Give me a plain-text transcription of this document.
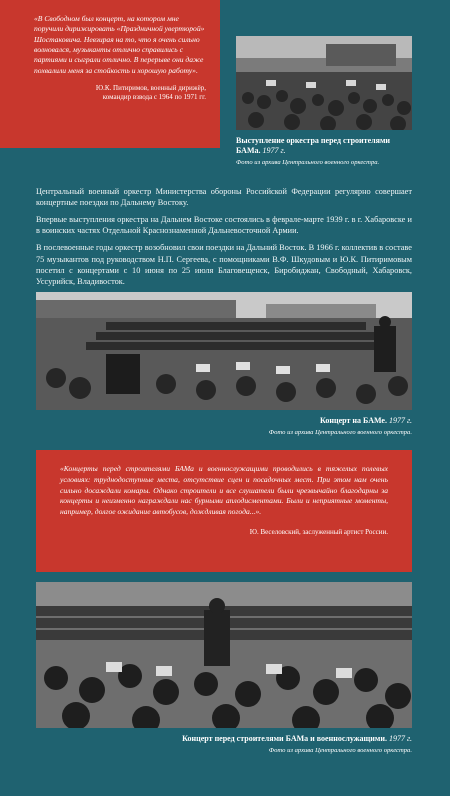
«В Свободном был концерт, на котором мне поручили дирижировать «Праздничной увертюрой» Шостаковича. Невзирая на то, что я очень сильно волновался, музыканты отлично справились с партиями и сыграли отлично. В перерыве они даже похвалили меня за стойкость и хорошую работу».
Ю.К. Питиримов, военный дирижёр,
командир взвода с 1964 по 1971 гг.
Выступление оркестра перед строителями БАМа. 1977 г.
Фото из архива Центрального военного оркестра.

Центральный военный оркестр Министерства обороны Российской Федерации регулярно совершает концертные поездки по Дальнему Востоку.

Впервые выступления оркестра на Дальнем Востоке состоялись в феврале-марте 1939 г. в г. Хабаровске и в воинских частях Отдельной Краснознаменной Дальневосточной Армии.

В послевоенные годы оркестр возобновил свои поездки на Дальний Восток. В 1966 г. коллектив в составе 75 музыкантов под руководством Н.П. Сергеева, с помощниками В.Ф. Шкудовым и Ю.К. Питиримовым посетил с концертами с 10 июня по 25 июля Благовещенск, Биробиджан, Свободный, Хабаровск, Уссурийск, Владивосток.

Концерт на БАМе. 1977 г.
Фото из архива Центрального военного оркестра.
«Концерты перед строителями БАМа и военнослужащими проводились в тяжелых полевых условиях: труднодоступные места, отсутствие сцен и посадочных мест. При этом нам очень сильно досаждали комары. Однако строители и все слушатели были чрезвычайно благодарны за концерты и неизменно награждали нас бурными аплодисментами. Были и неприятные моменты, например, долгое ожидание автобусов, дождливая погода...».
Ю. Веселовский, заслуженный артист России.
Концерт перед строителями БАМа и военнослужащими. 1977 г.
Фото из архива Центрального военного оркестра.
